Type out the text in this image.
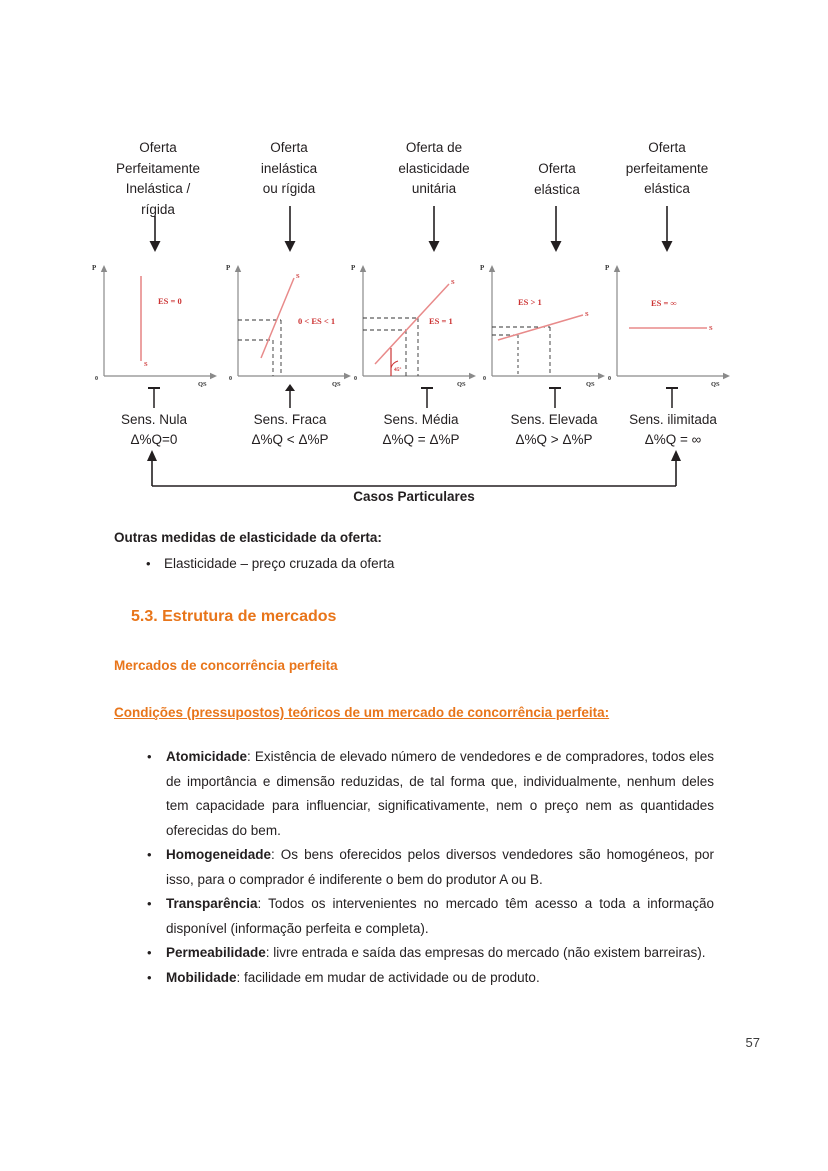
Oferta
Perfeitamente
Inelástica /
rígida
Oferta
inelástica
ou rígida
Oferta de
elasticidade
unitária
Oferta
elástica
Oferta
perfeitamente
elástica
P
QS
0
S
ES = 0
P
QS
0
S
0 < ES < 1
P
QS
0
S
45º
ES = 1
P
QS
0
S
ES > 1
P
QS
0
S
ES = ∞
Sens. Nula
Δ%Q=0
Sens. Fraca
Δ%Q < Δ%P
Sens. Média
Δ%Q = Δ%P
Sens. Elevada
Δ%Q > Δ%P
Sens. ilimitada
Δ%Q = ∞
Casos Particulares

Outras medidas de elasticidade da oferta:

• Elasticidade – preço cruzada da oferta
5.3. Estrutura de mercados

Mercados de concorrência perfeita

Condições (pressupostos) teóricos de um mercado de concorrência perfeita:

• Atomicidade: Existência de elevado número de vendedores e de compradores, todos eles de importância e dimensão reduzidas, de tal forma que, individualmente, nenhum deles tem capacidade para influenciar, significativamente, nem o preço nem as quantidades oferecidas do bem.
• Homogeneidade: Os bens oferecidos pelos diversos vendedores são homogéneos, por isso, para o comprador é indiferente o bem do produtor A ou B.
• Transparência: Todos os intervenientes no mercado têm acesso a toda a informação disponível (informação perfeita e completa).
• Permeabilidade: livre entrada e saída das empresas do mercado (não existem barreiras).
• Mobilidade: facilidade em mudar de actividade ou de produto.
57
